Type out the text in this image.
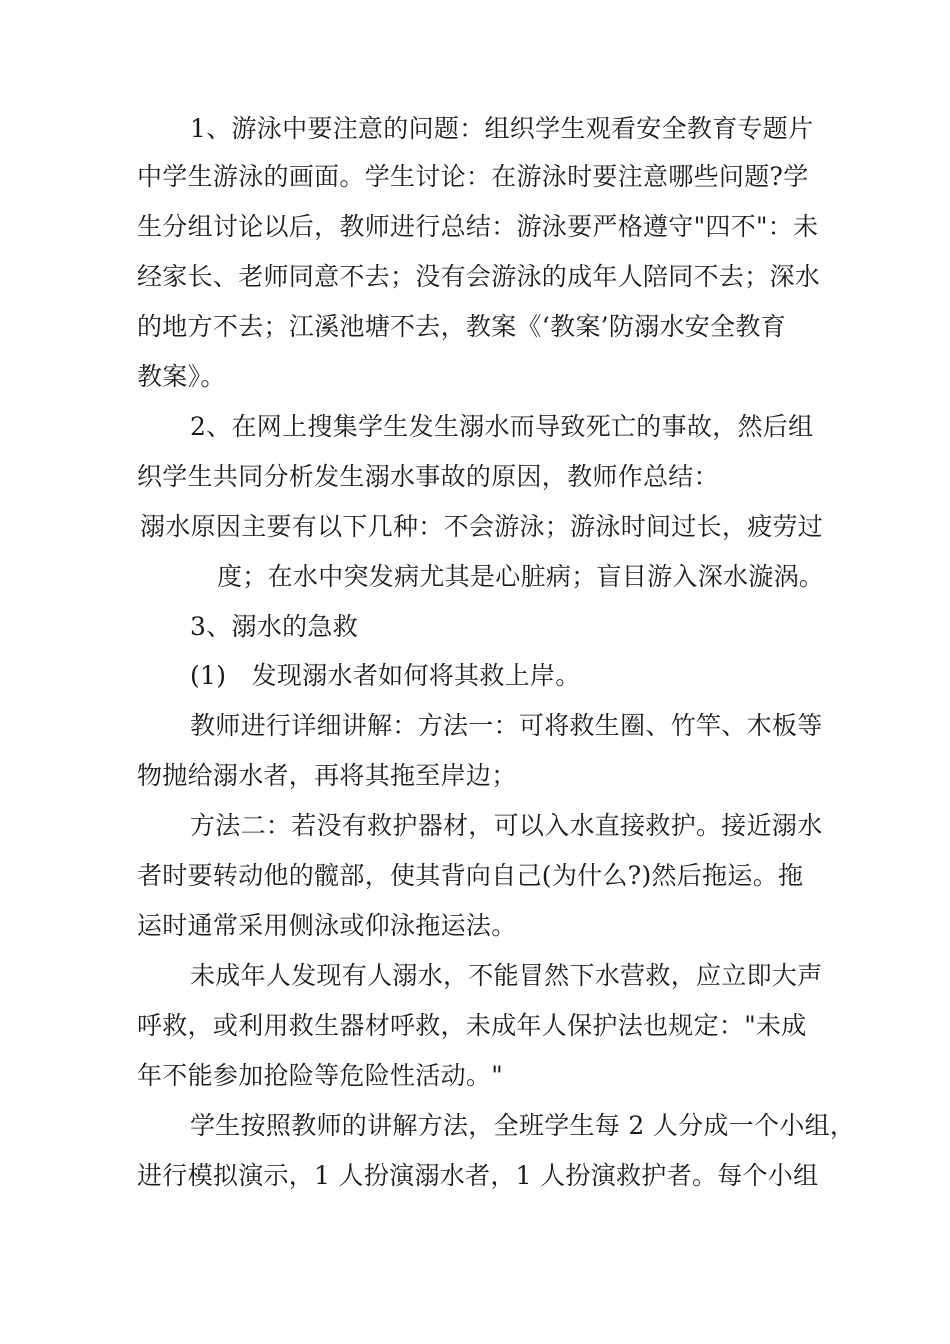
1、游泳中要注意的问题：组织学生观看安全教育专题片
中学生游泳的画面。学生讨论：在游泳时要注意哪些问题?学
生分组讨论以后，教师进行总结：游泳要严格遵守"四不"：未
经家长、老师同意不去；没有会游泳的成年人陪同不去；深水
的地方不去；江溪池塘不去，教案《‘教案’防溺水安全教育
教案》。
2、在网上搜集学生发生溺水而导致死亡的事故，然后组
织学生共同分析发生溺水事故的原因，教师作总结：
溺水原因主要有以下几种：不会游泳；游泳时间过长，疲劳过
度；在水中突发病尤其是心脏病；盲目游入深水漩涡。
3、溺水的急救
(1)　发现溺水者如何将其救上岸。
教师进行详细讲解：方法一：可将救生圈、竹竿、木板等
物抛给溺水者，再将其拖至岸边；
方法二：若没有救护器材，可以入水直接救护。接近溺水
者时要转动他的髋部，使其背向自己(为什么?)然后拖运。拖
运时通常采用侧泳或仰泳拖运法。
未成年人发现有人溺水，不能冒然下水营救，应立即大声
呼救，或利用救生器材呼救，未成年人保护法也规定："未成
年不能参加抢险等危险性活动。"
学生按照教师的讲解方法，全班学生每 2 人分成一个小组，
进行模拟演示，1 人扮演溺水者，1 人扮演救护者。每个小组
